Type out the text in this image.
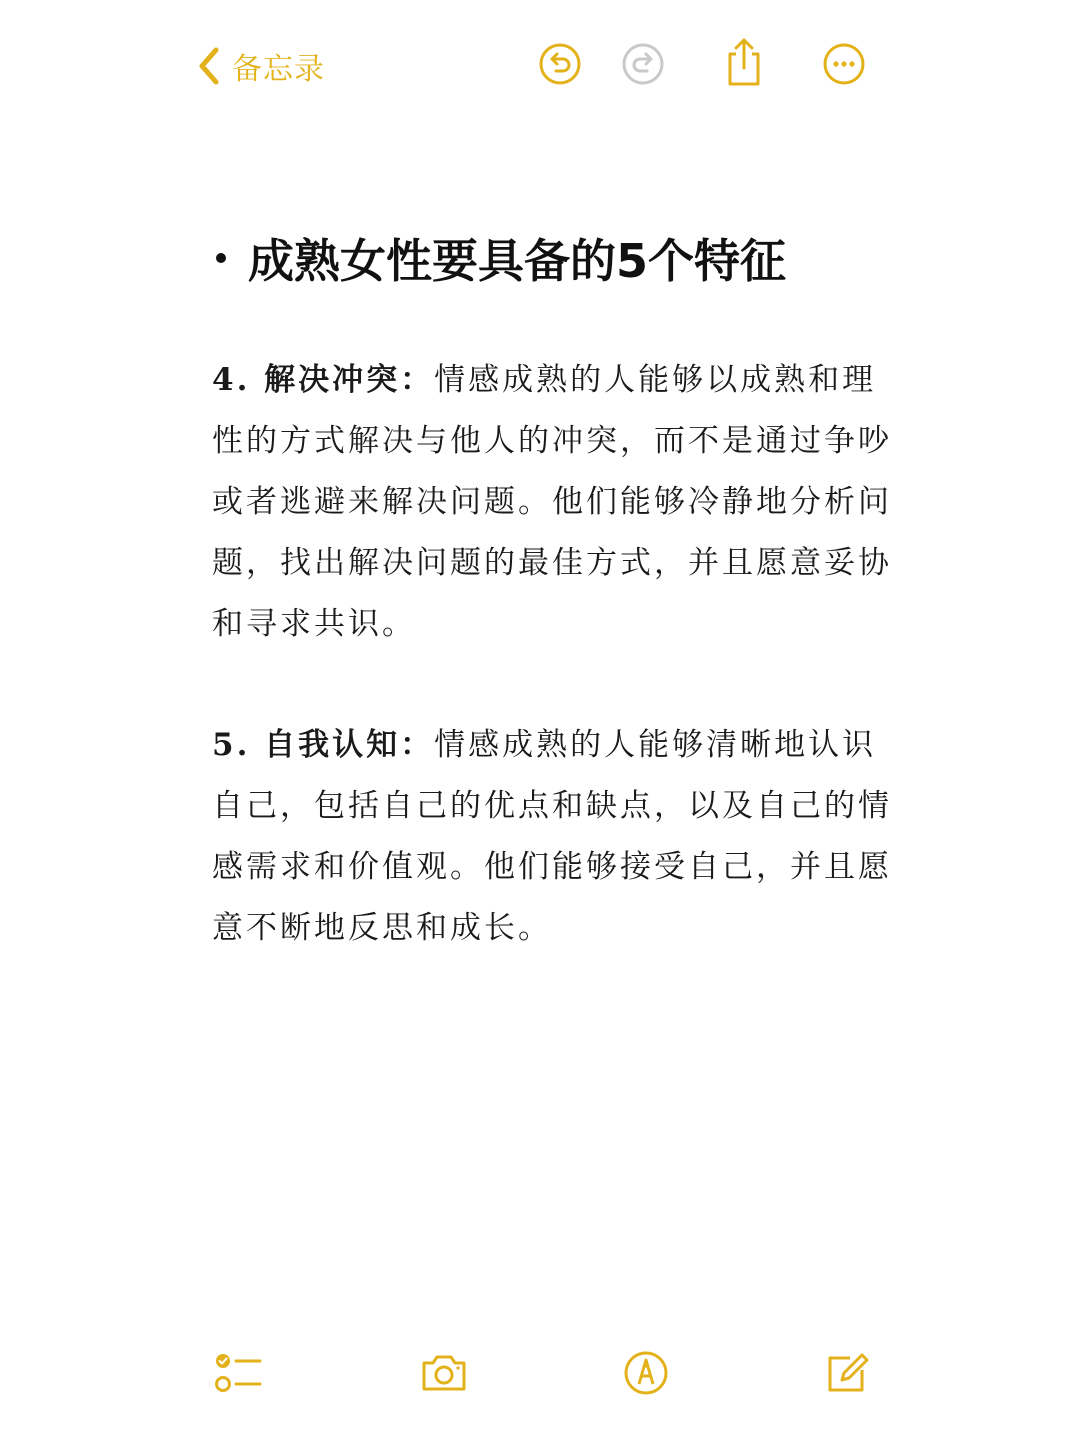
备忘录
成熟女性要具备的5个特征

4. 解决冲突：情感成熟的人能够以成熟和理性的方式解决与他人的冲突，而不是通过争吵或者逃避来解决问题。他们能够冷静地分析问题，找出解决问题的最佳方式，并且愿意妥协和寻求共识。

5. 自我认知：情感成熟的人能够清晰地认识自己，包括自己的优点和缺点，以及自己的情感需求和价值观。他们能够接受自己，并且愿意不断地反思和成长。
